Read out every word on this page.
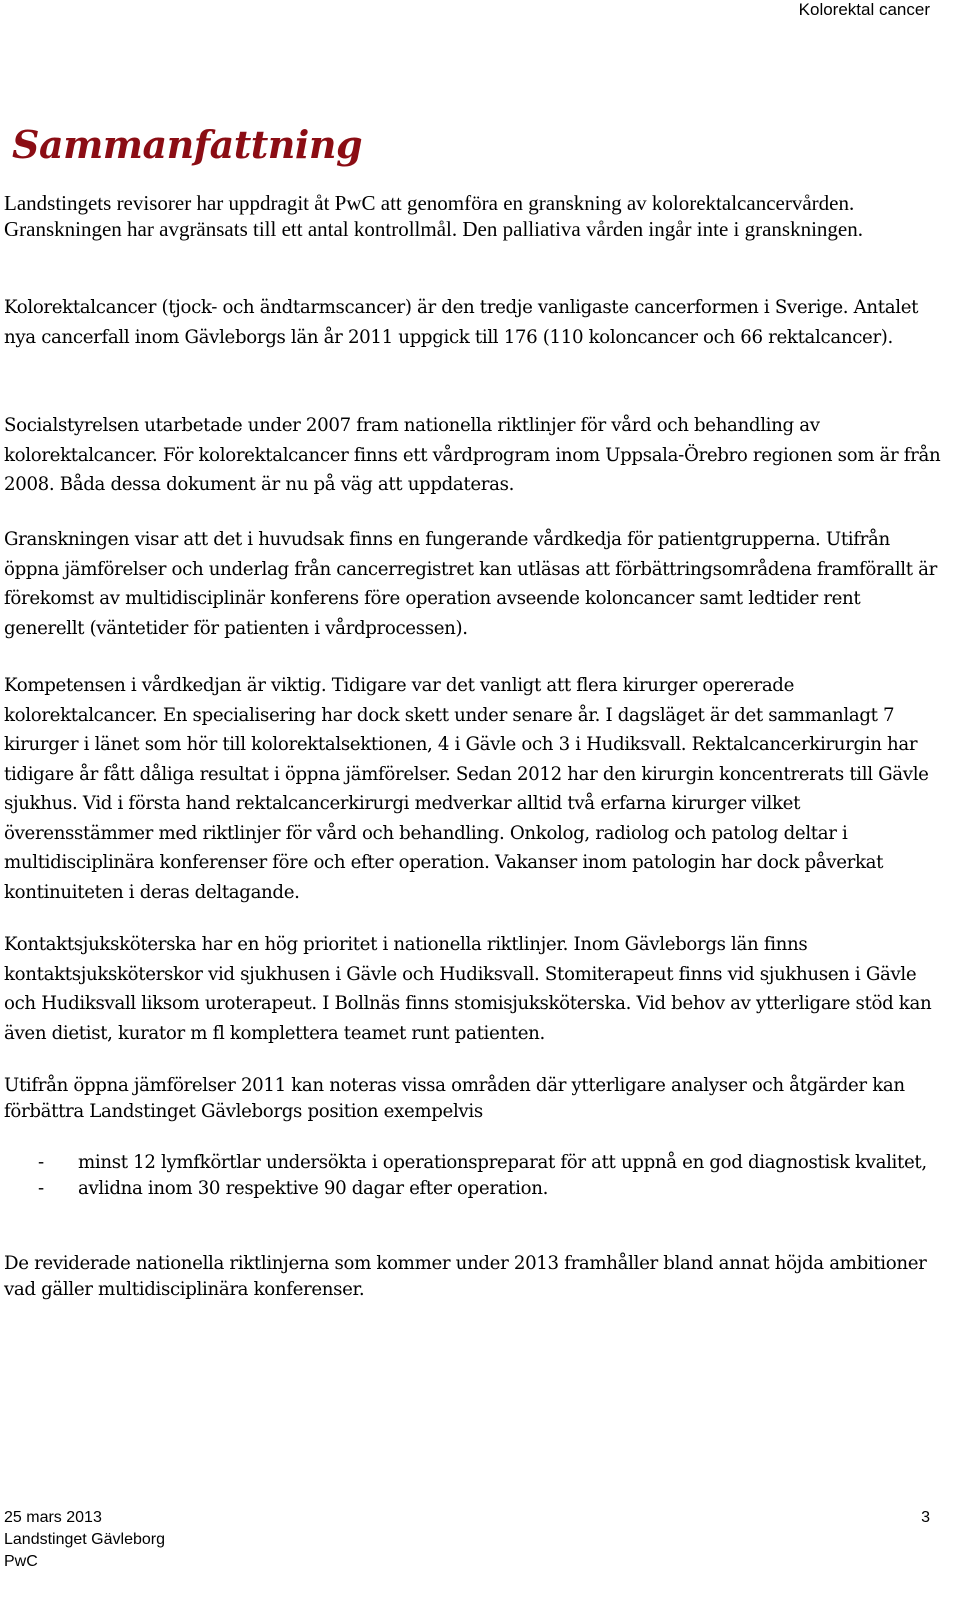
Kolorektal cancer
Sammanfattning

Landstingets revisorer har uppdragit åt PwC att genomföra en granskning av kolorektalcancervården. Granskningen har avgränsats till ett antal kontrollmål. Den palliativa vården ingår inte i granskningen.

Kolorektalcancer (tjock- och ändtarmscancer) är den tredje vanligaste cancerformen i Sverige. Antalet nya cancerfall inom Gävleborgs län år 2011 uppgick till 176 (110 koloncancer och 66 rektalcancer).

Socialstyrelsen utarbetade under 2007 fram nationella riktlinjer för vård och behandling av kolorektalcancer. För kolorektalcancer finns ett vårdprogram inom Uppsala-Örebro regionen som är från 2008. Båda dessa dokument är nu på väg att uppdateras.

Granskningen visar att det i huvudsak finns en fungerande vårdkedja för patientgrupperna. Utifrån öppna jämförelser och underlag från cancerregistret kan utläsas att förbättringsområdena framförallt är förekomst av multidisciplinär konferens före operation avseende koloncancer samt ledtider rent generellt (väntetider för patienten i vårdprocessen).

Kompetensen i vårdkedjan är viktig. Tidigare var det vanligt att flera kirurger opererade kolorektalcancer. En specialisering har dock skett under senare år. I dagsläget är det sammanlagt 7 kirurger i länet som hör till kolorektalsektionen, 4 i Gävle och 3 i Hudiksvall. Rektalcancerkirurgin har tidigare år fått dåliga resultat i öppna jämförelser. Sedan 2012 har den kirurgin koncentrerats till Gävle sjukhus. Vid i första hand rektalcancerkirurgi medverkar alltid två erfarna kirurger vilket överensstämmer med riktlinjer för vård och behandling. Onkolog, radiolog och patolog deltar i multidisciplinära konferenser före och efter operation. Vakanser inom patologin har dock påverkat kontinuiteten i deras deltagande.

Kontaktsjuksköterska har en hög prioritet i nationella riktlinjer. Inom Gävleborgs län finns kontaktsjuksköterskor vid sjukhusen i Gävle och Hudiksvall. Stomiterapeut finns vid sjukhusen i Gävle och Hudiksvall liksom uroterapeut. I Bollnäs finns stomisjuksköterska. Vid behov av ytterligare stöd kan även dietist, kurator m fl komplettera teamet runt patienten.

Utifrån öppna jämförelser 2011 kan noteras vissa områden där ytterligare analyser och åtgärder kan förbättra Landstinget Gävleborgs position exempelvis

- minst 12 lymfkörtlar undersökta i operationspreparat för att uppnå en god diagnostisk kvalitet,
- avlidna inom 30 respektive 90 dagar efter operation.

De reviderade nationella riktlinjerna som kommer under 2013 framhåller bland annat höjda ambitioner vad gäller multidisciplinära konferenser.

25 mars 2013
Landstinget Gävleborg
PwC
3
